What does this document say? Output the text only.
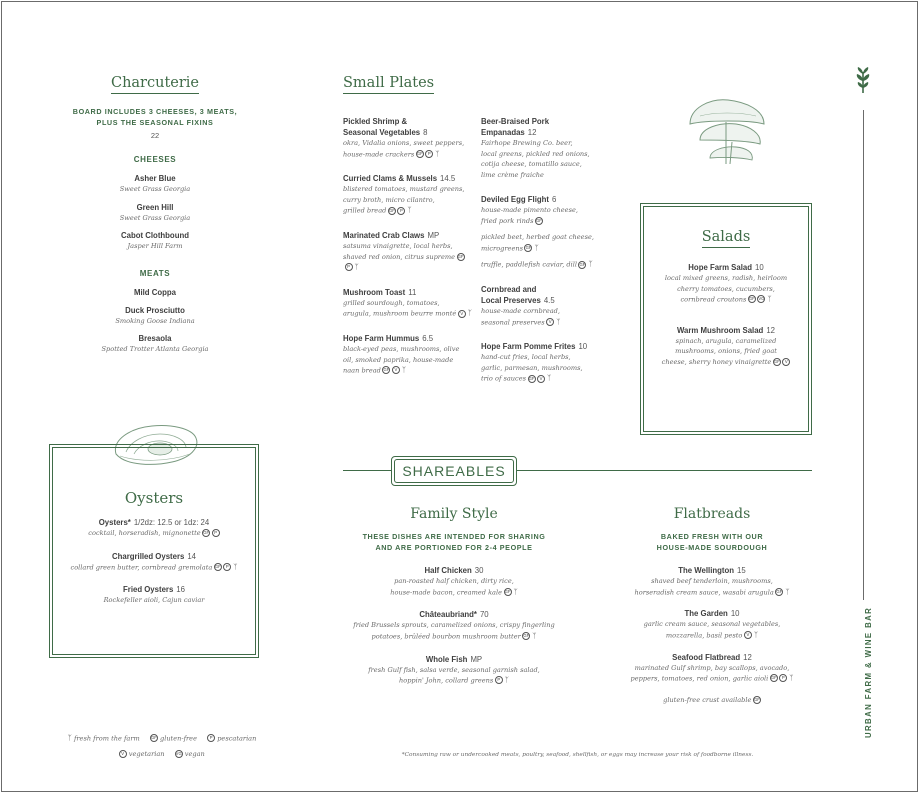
Charcuterie
BOARD INCLUDES 3 CHEESES, 3 MEATS,
PLUS THE SEASONAL FIXINS
22
CHEESES
Asher Blue
Sweet Grass Georgia
Green Hill
Sweet Grass Georgia
Cabot Clothbound
Jasper Hill Farm
MEATS
Mild Coppa
Duck Prosciutto
Smoking Goose Indiana
Bresaola
Spotted Trotter Atlanta Georgia
Oysters
Oysters* 1/2dz: 12.5 or 1dz: 24
cocktail, horseradish, mignonette GF P
Chargrilled Oysters 14
collard green butter, cornbread gremolata GF P ᛉ
Fried Oysters 16
Rockefeller aioli, Cajun caviar
Small Plates
Pickled Shrimp &
Seasonal Vegetables 8
okra, Vidalia onions, sweet peppers,
house-made crackers GF P ᛉ
Curried Clams & Mussels 14.5
blistered tomatoes, mustard greens,
curry broth, micro cilantro,
grilled bread GF P ᛉ
Marinated Crab Claws MP
satsuma vinaigrette, local herbs,
shaved red onion, citrus supreme GFP ᛉ
Mushroom Toast 11
grilled sourdough, tomatoes,
arugula, mushroom beurre monté V ᛉ
Hope Farm Hummus 6.5
black-eyed peas, mushrooms, olive
oil, smoked paprika, house-made
naan bread GF V ᛉ
Beer-Braised Pork
Empanadas 12
Fairhope Brewing Co. beer,
local greens, pickled red onions,
cotija cheese, tomatillo sauce,
lime crème fraiche
Deviled Egg Flight 6
house-made pimento cheese,
fried pork rinds GF
pickled beet, herbed goat cheese,
microgreens GF ᛉ
truffle, paddlefish caviar, dill GF ᛉ
Cornbread and
Local Preserves 4.5
house-made cornbread,
seasonal preserves V ᛉ
Hope Farm Pomme Frites 10
hand-cut fries, local herbs,
garlic, parmesan, mushrooms,
trio of sauces GF V ᛉ
Salads
Hope Farm Salad 10
local mixed greens, radish, heirloom
cherry tomatoes, cucumbers,
cornbread croutons GF VG ᛉ
Warm Mushroom Salad 12
spinach, arugula, caramelized
mushrooms, onions, fried goat
cheese, sherry honey vinaigrette GF V
SHAREABLES
Family Style
THESE DISHES ARE INTENDED FOR SHARING
AND ARE PORTIONED FOR 2-4 PEOPLE
Half Chicken 30
pan-roasted half chicken, dirty rice,
house-made bacon, creamed kale GF ᛉ
Châteaubriand* 70
fried Brussels sprouts, caramelized onions, crispy fingerling
potatoes, brûléed bourbon mushroom butter GF ᛉ
Whole Fish MP
fresh Gulf fish, salsa verde, seasonal garnish salad,
hoppin' John, collard greens P ᛉ
Flatbreads
BAKED FRESH WITH OUR
HOUSE-MADE SOURDOUGH
The Wellington 15
shaved beef tenderloin, mushrooms,
horseradish cream sauce, wasabi arugula GF ᛉ
The Garden 10
garlic cream sauce, seasonal vegetables,
mozzarella, basil pesto V ᛉ
Seafood Flatbread 12
marinated Gulf shrimp, bay scallops, avocado,
peppers, tomatoes, red onion, garlic aioli GF P ᛉ
gluten-free crust available GF
ᛉ fresh from the farm	GF gluten-free	P pescatarian
V vegetarian	VG vegan	*Consuming raw or undercooked meats, poultry, seafood, shellfish, or eggs may increase your risk of foodborne illness.
URBAN FARM & WINE BAR
